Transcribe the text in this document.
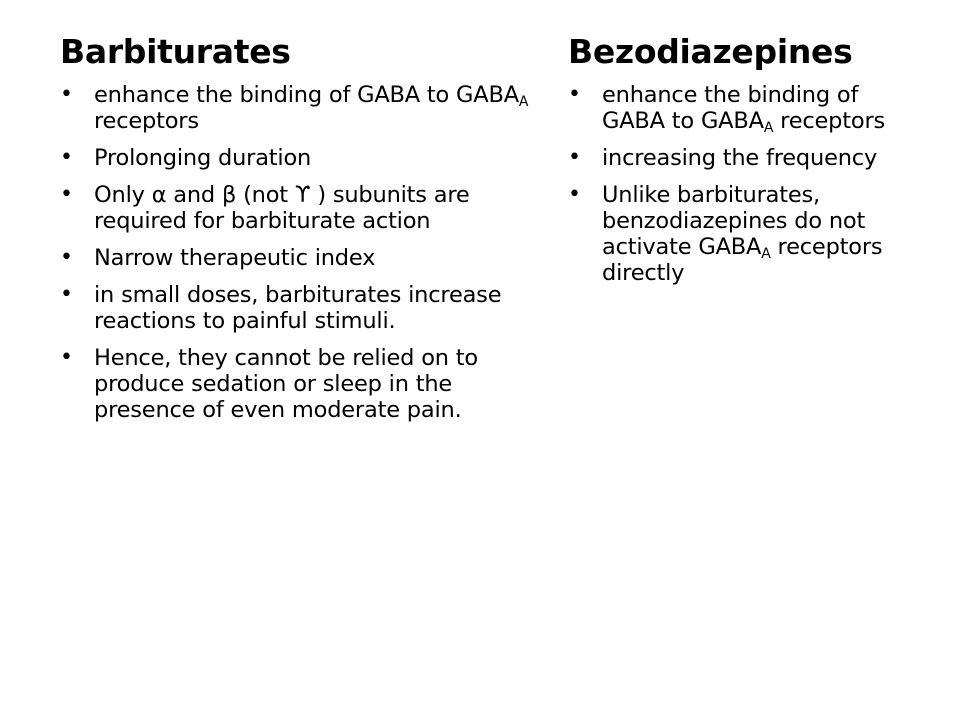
Barbiturates
• enhance the binding of GABA to $GABA_A$ receptors
• Prolonging duration
• Only α and β (not ϒ ) subunits are required for barbiturate action
• Narrow therapeutic index
• in small doses, barbiturates increase reactions to painful stimuli.
• Hence, they cannot be relied on to produce sedation or sleep in the presence of even moderate pain.
Bezodiazepines
• enhance the binding of GABA to $GABA_A$ receptors
• increasing the frequency
• Unlike barbiturates, benzodiazepines do not activate $GABA_A$ receptors directly
